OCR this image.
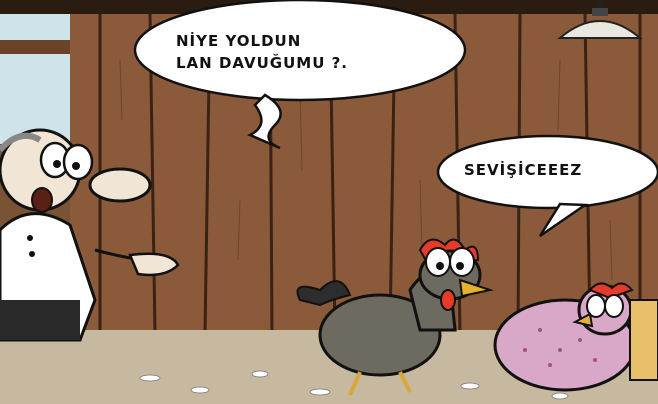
NİYE YOLDUN
LAN DAVUĞUMU ?.
SEVİŞİCEEEZ
